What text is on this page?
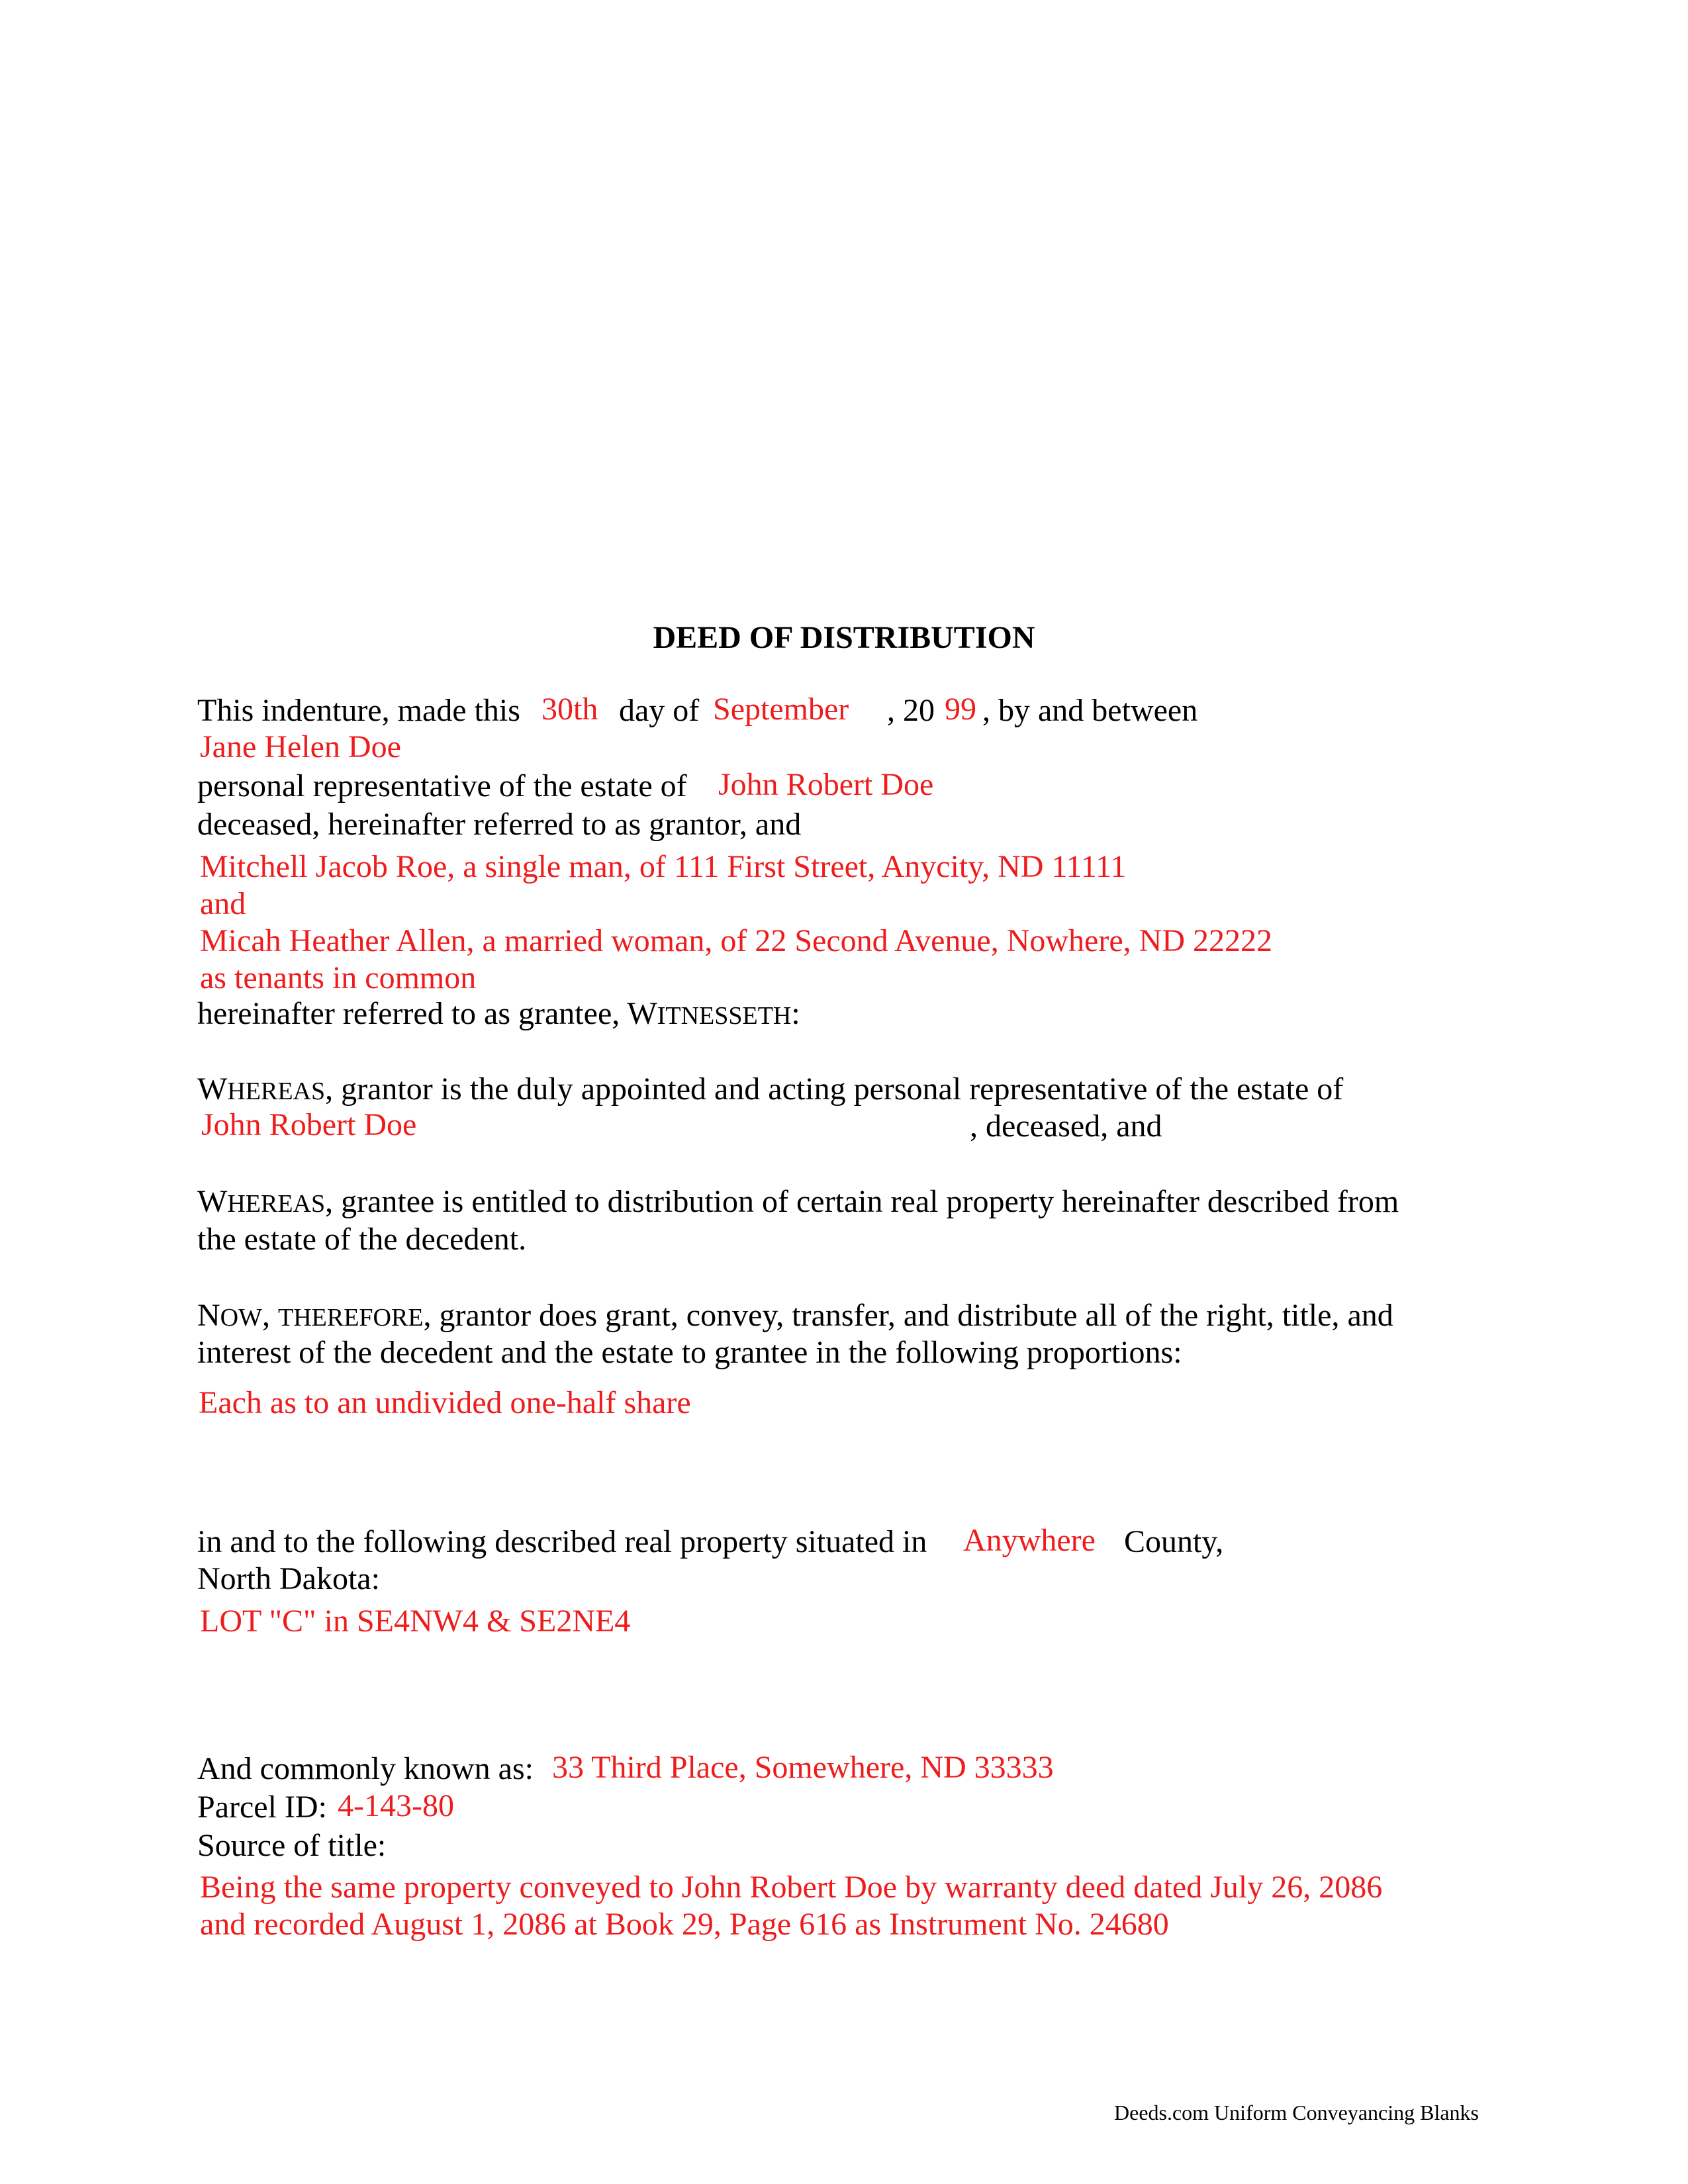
DEED OF DISTRIBUTION
This indenture, made this 30th day of September , 20 99 , by and between
Jane Helen Doe
personal representative of the estate of John Robert Doe
deceased, hereinafter referred to as grantor, and
Mitchell Jacob Roe, a single man, of 111 First Street, Anycity, ND 11111
and
Micah Heather Allen, a married woman, of 22 Second Avenue, Nowhere, ND 22222
as tenants in common
hereinafter referred to as grantee, WITNESSETH:
WHEREAS, grantor is the duly appointed and acting personal representative of the estate of
John Robert Doe	, deceased, and
WHEREAS, grantee is entitled to distribution of certain real property hereinafter described from
the estate of the decedent.
NOW, THEREFORE, grantor does grant, convey, transfer, and distribute all of the right, title, and
interest of the decedent and the estate to grantee in the following proportions:
Each as to an undivided one-half share
in and to the following described real property situated in Anywhere County,
North Dakota:
LOT "C" in SE4NW4 & SE2NE4
And commonly known as: 33 Third Place, Somewhere, ND 33333
Parcel ID: 4-143-80
Source of title:
Being the same property conveyed to John Robert Doe by warranty deed dated July 26, 2086
and recorded August 1, 2086 at Book 29, Page 616 as Instrument No. 24680
Deeds.com Uniform Conveyancing Blanks
